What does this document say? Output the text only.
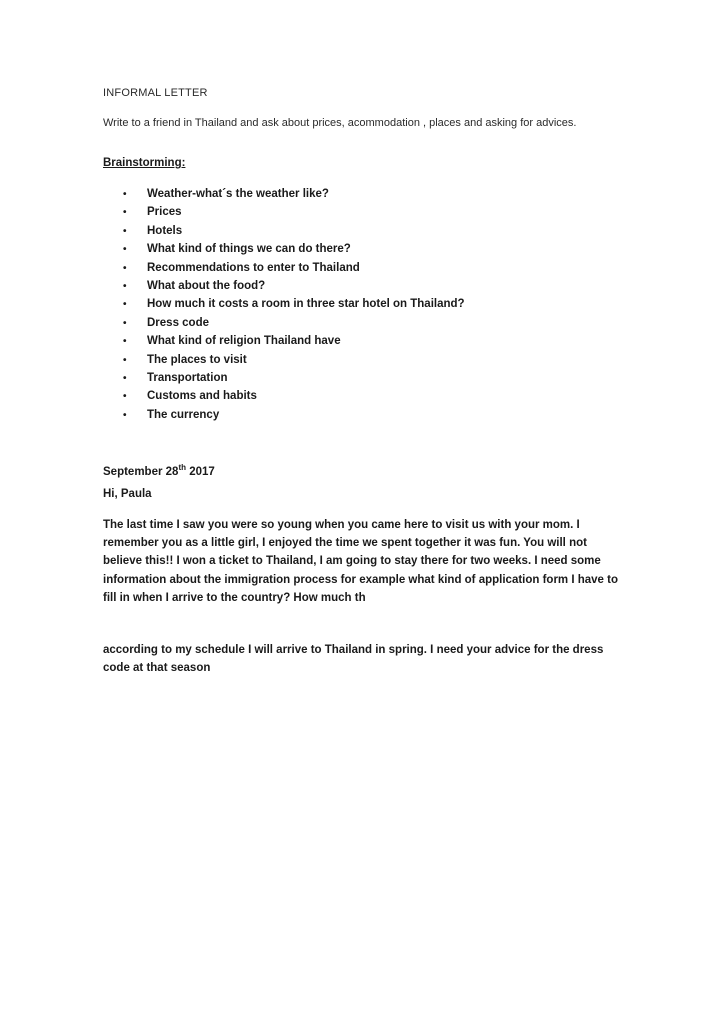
INFORMAL LETTER
Write to a friend in Thailand and ask about prices, acommodation , places and asking for advices.
Brainstorming:
• Weather-what´s the weather like?
• Prices
• Hotels
• What kind of things we can do there?
• Recommendations to enter to Thailand
• What about the food?
• How much it costs a room in three star hotel on Thailand?
• Dress code
• What kind of religion Thailand have
• The places to visit
• Transportation
• Customs and habits
• The currency
September 28th 2017
Hi, Paula
The last time I saw you were so young when you came here to visit us with your mom. I remember you as a little girl, I enjoyed the time we spent together it was fun. You will not believe this!! I won a ticket to Thailand, I am going to stay there for two weeks. I need some information about the immigration process for example what kind of application form I have to fill in when I arrive to the country? How much th
according to my schedule I will arrive to Thailand in spring. I need your advice for the dress code at that season
